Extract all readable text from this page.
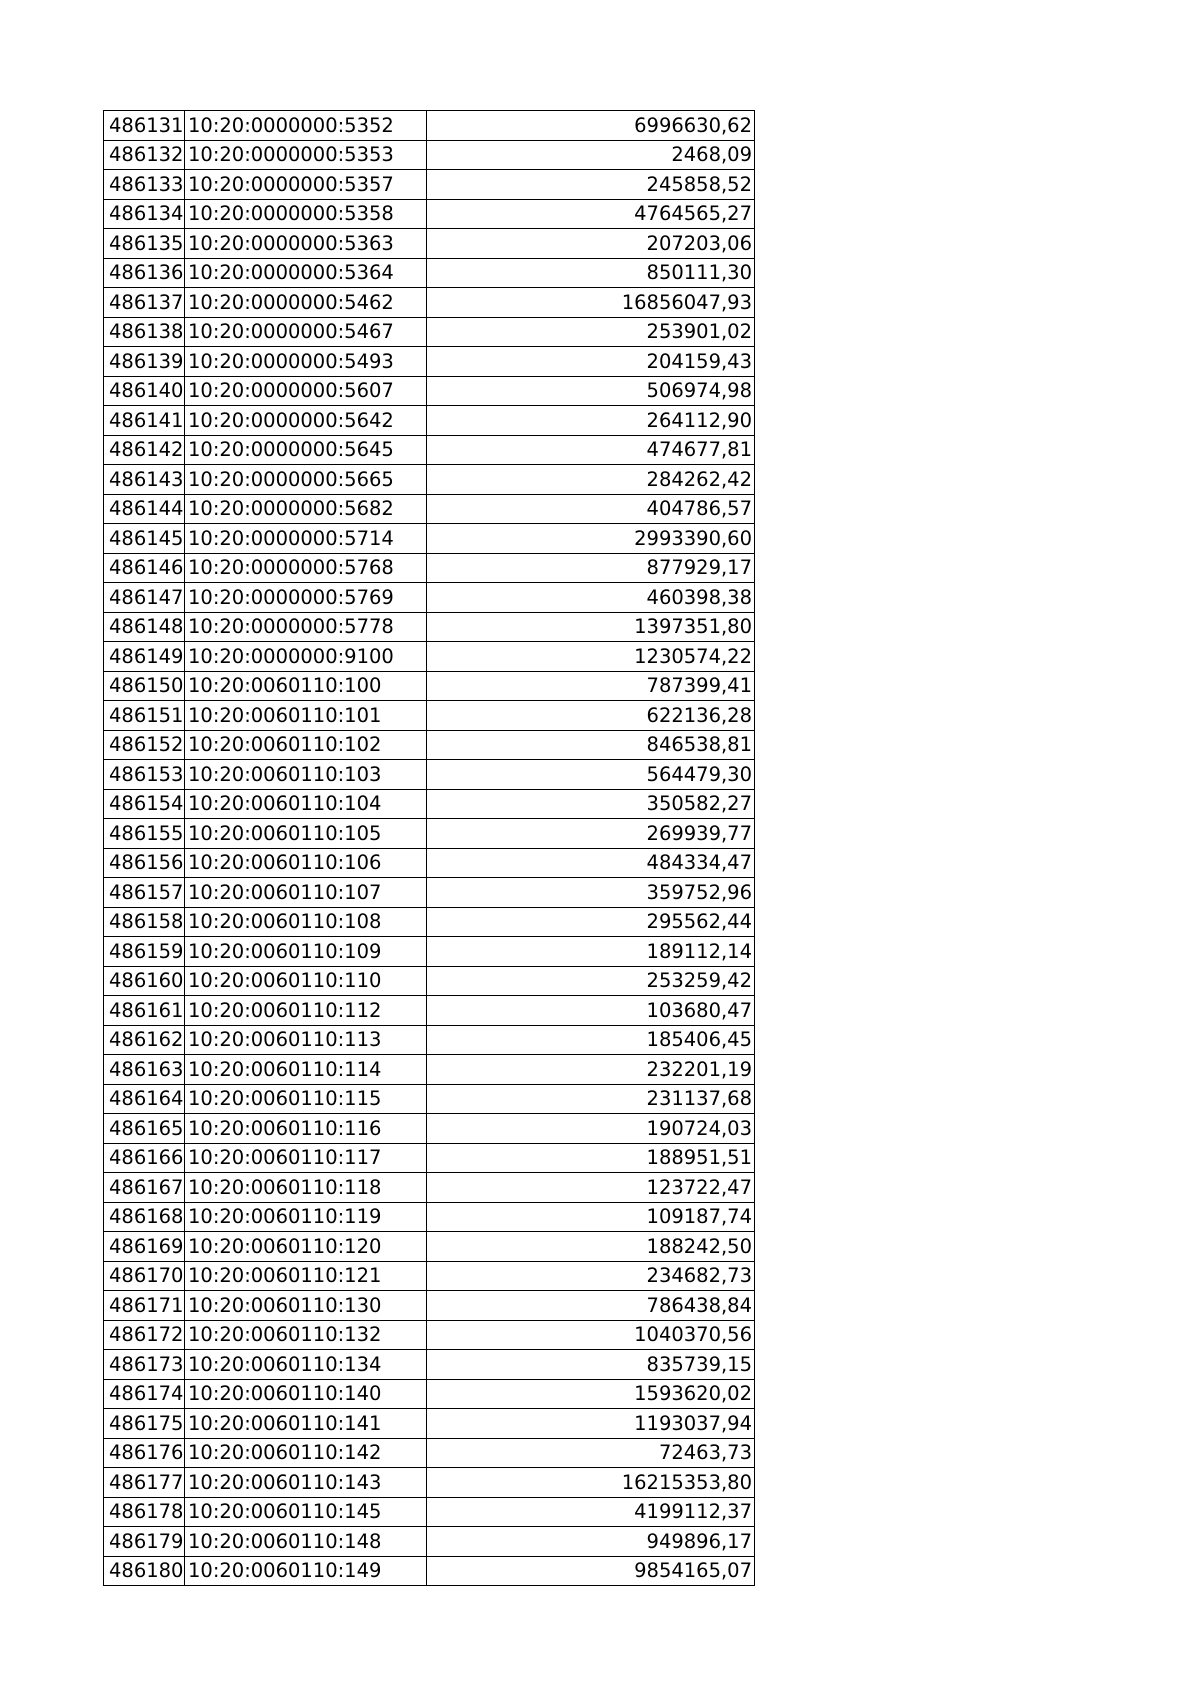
486131	10:20:0000000:5352	6996630,62
486132	10:20:0000000:5353	2468,09
486133	10:20:0000000:5357	245858,52
486134	10:20:0000000:5358	4764565,27
486135	10:20:0000000:5363	207203,06
486136	10:20:0000000:5364	850111,30
486137	10:20:0000000:5462	16856047,93
486138	10:20:0000000:5467	253901,02
486139	10:20:0000000:5493	204159,43
486140	10:20:0000000:5607	506974,98
486141	10:20:0000000:5642	264112,90
486142	10:20:0000000:5645	474677,81
486143	10:20:0000000:5665	284262,42
486144	10:20:0000000:5682	404786,57
486145	10:20:0000000:5714	2993390,60
486146	10:20:0000000:5768	877929,17
486147	10:20:0000000:5769	460398,38
486148	10:20:0000000:5778	1397351,80
486149	10:20:0000000:9100	1230574,22
486150	10:20:0060110:100	787399,41
486151	10:20:0060110:101	622136,28
486152	10:20:0060110:102	846538,81
486153	10:20:0060110:103	564479,30
486154	10:20:0060110:104	350582,27
486155	10:20:0060110:105	269939,77
486156	10:20:0060110:106	484334,47
486157	10:20:0060110:107	359752,96
486158	10:20:0060110:108	295562,44
486159	10:20:0060110:109	189112,14
486160	10:20:0060110:110	253259,42
486161	10:20:0060110:112	103680,47
486162	10:20:0060110:113	185406,45
486163	10:20:0060110:114	232201,19
486164	10:20:0060110:115	231137,68
486165	10:20:0060110:116	190724,03
486166	10:20:0060110:117	188951,51
486167	10:20:0060110:118	123722,47
486168	10:20:0060110:119	109187,74
486169	10:20:0060110:120	188242,50
486170	10:20:0060110:121	234682,73
486171	10:20:0060110:130	786438,84
486172	10:20:0060110:132	1040370,56
486173	10:20:0060110:134	835739,15
486174	10:20:0060110:140	1593620,02
486175	10:20:0060110:141	1193037,94
486176	10:20:0060110:142	72463,73
486177	10:20:0060110:143	16215353,80
486178	10:20:0060110:145	4199112,37
486179	10:20:0060110:148	949896,17
486180	10:20:0060110:149	9854165,07
